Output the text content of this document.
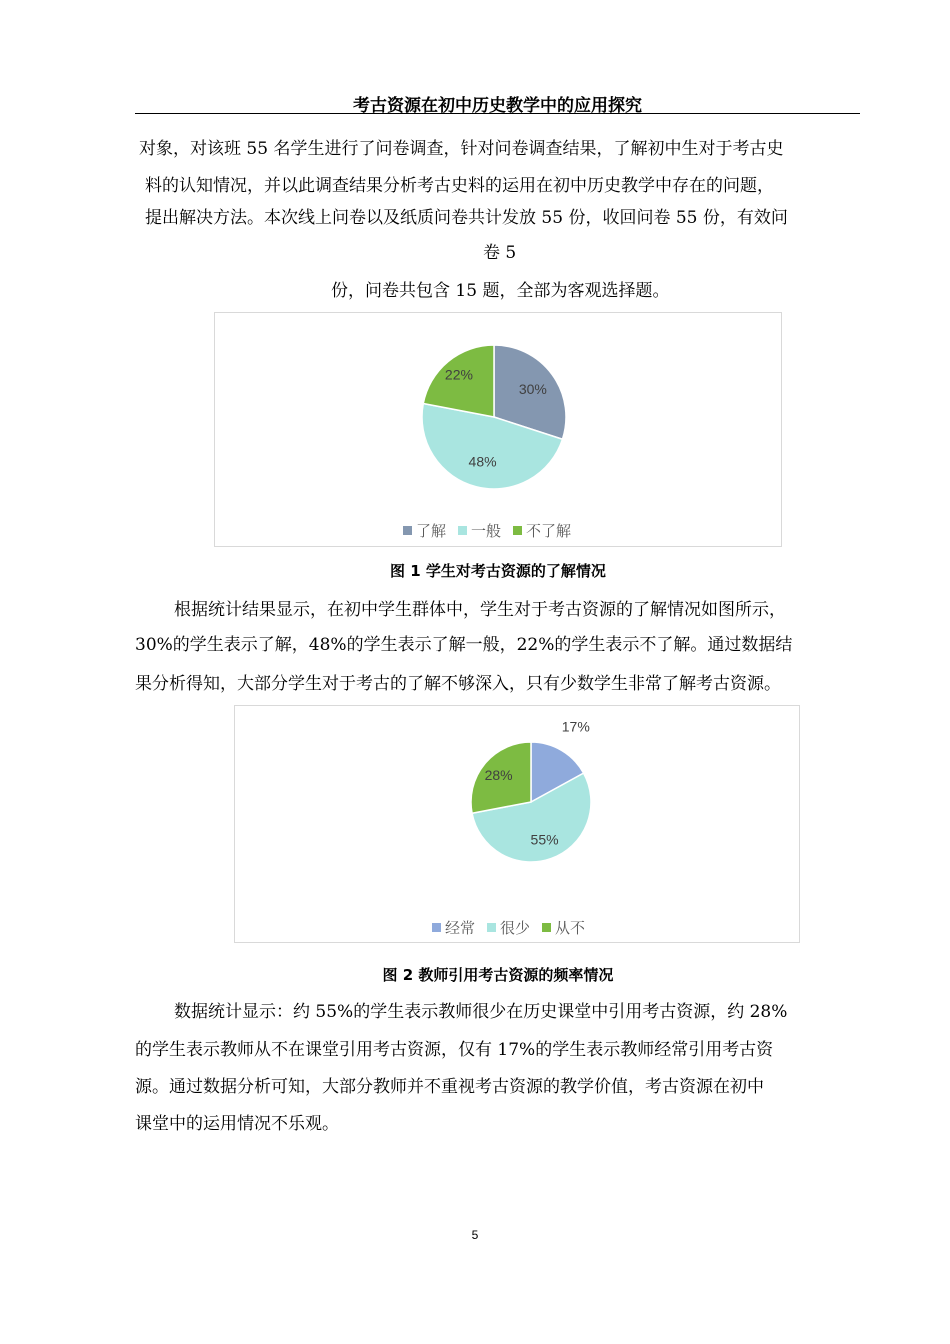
考古资源在初中历史教学中的应用探究
对象，对该班 55 名学生进行了问卷调查，针对问卷调查结果，了解初中生对于考古史
料的认知情况，并以此调查结果分析考古史料的运用在初中历史教学中存在的问题，
提出解决方法。本次线上问卷以及纸质问卷共计发放 55 份，收回问卷 55 份，有效问
卷 5
份，问卷共包含 15 题，全部为客观选择题。
30%
48%
22%
了解 一般 不了解
图 1 学生对考古资源的了解情况
根据统计结果显示，在初中学生群体中，学生对于考古资源的了解情况如图所示，
30%的学生表示了解，48%的学生表示了解一般，22%的学生表示不了解。通过数据结
果分析得知，大部分学生对于考古的了解不够深入，只有少数学生非常了解考古资源。
17%
55%
28%
经常 很少 从不
图 2 教师引用考古资源的频率情况
数据统计显示：约 55%的学生表示教师很少在历史课堂中引用考古资源，约 28%
的学生表示教师从不在课堂引用考古资源，仅有 17%的学生表示教师经常引用考古资
源。通过数据分析可知，大部分教师并不重视考古资源的教学价值，考古资源在初中
课堂中的运用情况不乐观。
5
